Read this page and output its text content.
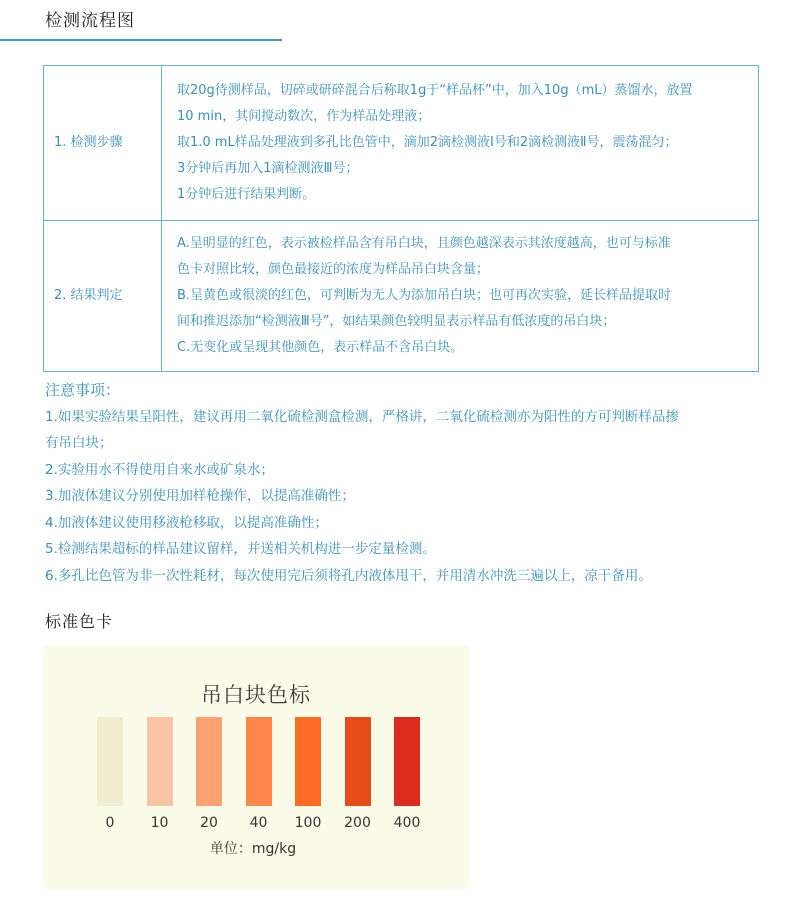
检测流程图
1. 检测步骤	取20g待测样品，切碎或研碎混合后称取1g于“样品杯”中，加入10g（mL）蒸馏水，放置
10 min，其间搅动数次，作为样品处理液；
取1.0 mL样品处理液到多孔比色管中，滴加2滴检测液Ⅰ号和2滴检测液Ⅱ号，震荡混匀；
3分钟后再加入1滴检测液Ⅲ号；
1分钟后进行结果判断。

2. 结果判定	A.呈明显的红色，表示被检样品含有吊白块，且颜色越深表示其浓度越高，也可与标准
色卡对照比较，颜色最接近的浓度为样品吊白块含量；
B.呈黄色或很淡的红色，可判断为无人为添加吊白块；也可再次实验，延长样品提取时
间和推迟添加“检测液Ⅲ号”，如结果颜色较明显表示样品有低浓度的吊白块；
C.无变化或呈现其他颜色，表示样品不含吊白块。
注意事项：
1.如果实验结果呈阳性，建议再用二氧化硫检测盒检测，严格讲，二氧化硫检测亦为阳性的方可判断样品掺
有吊白块；
2.实验用水不得使用自来水或矿泉水；
3.加液体建议分别使用加样枪操作，以提高准确性；
4.加液体建议使用移液枪移取，以提高准确性；
5.检测结果超标的样品建议留样，并送相关机构进一步定量检测。
6.多孔比色管为非一次性耗材，每次使用完后须将孔内液体甩干，并用清水冲洗三遍以上，凉干备用。
标准色卡
吊白块色标
0	10	20	40	100	200	400
单位：mg/kg
